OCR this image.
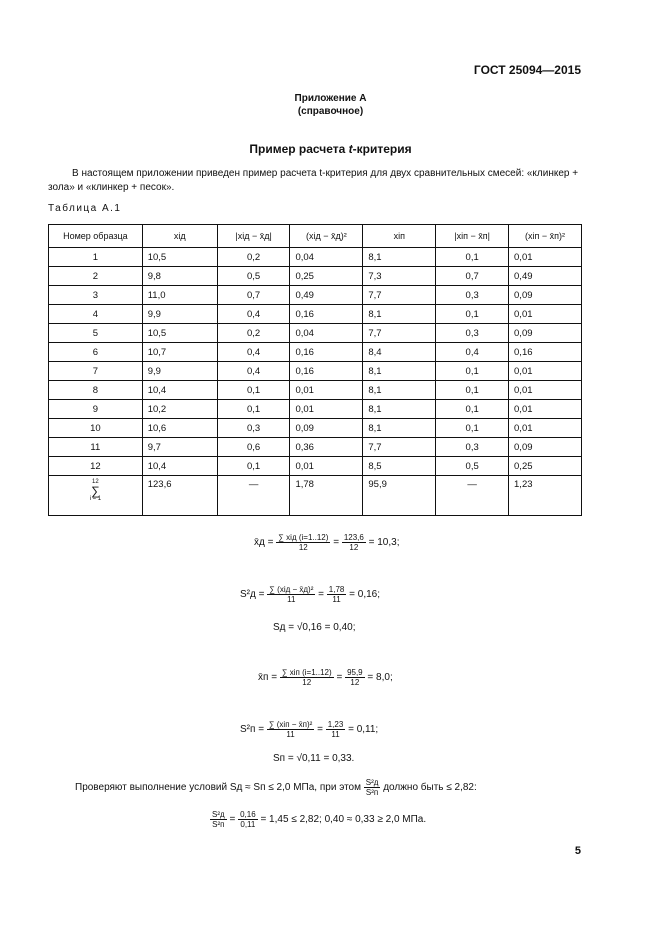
ГОСТ 25094—2015
Приложение А
(справочное)
Пример расчета t-критерия
В настоящем приложении приведен пример расчета t-критерия для двух сравнительных смесей: «клинкер + зола» и «клинкер + песок».
Таблица А.1
Номер образца	xiд	|xiд − x̄д|	(xiд − x̄д)²	xiп	|xiп − x̄п|	(xiп − x̄п)²
1	10,5	0,2	0,04	8,1	0,1	0,01
2	9,8	0,5	0,25	7,3	0,7	0,49
3	11,0	0,7	0,49	7,7	0,3	0,09
4	9,9	0,4	0,16	8,1	0,1	0,01
5	10,5	0,2	0,04	7,7	0,3	0,09
6	10,7	0,4	0,16	8,4	0,4	0,16
7	9,9	0,4	0,16	8,1	0,1	0,01
8	10,4	0,1	0,01	8,1	0,1	0,01
9	10,2	0,1	0,01	8,1	0,1	0,01
10	10,6	0,3	0,09	8,1	0,1	0,01
11	9,7	0,6	0,36	7,7	0,3	0,09
12	10,4	0,1	0,01	8,5	0,5	0,25

12
∑
i = 1	123,6	—	1,78	95,9	—	1,23
x̄д = $\frac{\text{∑ xiд (i=1..12)}}{12} = \frac{123,6}{12} = 10,3$;
$S^2д = \frac{\text{∑ (xiд − x̄д)²}}{11} = \frac{1,78}{11} = 0,16$;
Sд = √0,16 = 0,40;
x̄п = $\frac{\text{∑ xiп (i=1..12)}}{12} = \frac{95,9}{12} = 8,0$;
$S^2п = \frac{\text{∑ (xiп − x̄п)²}}{11} = \frac{1,23}{11} = 0,11$;
Sп = √0,11 = 0,33.
Проверяют выполнение условий Sд ≈ Sп ≤ 2,0 МПа, при этом $\frac{\text{S²д}}{\text{S²п}}$ должно быть ≤ 2,82:
$\frac{\text{S²д}}{\text{S²п}} = \frac{0,16}{0,11} = 1,45 \le 2,82$; 0,40 ≈ 0,33 ≥ 2,0 МПа.
5
